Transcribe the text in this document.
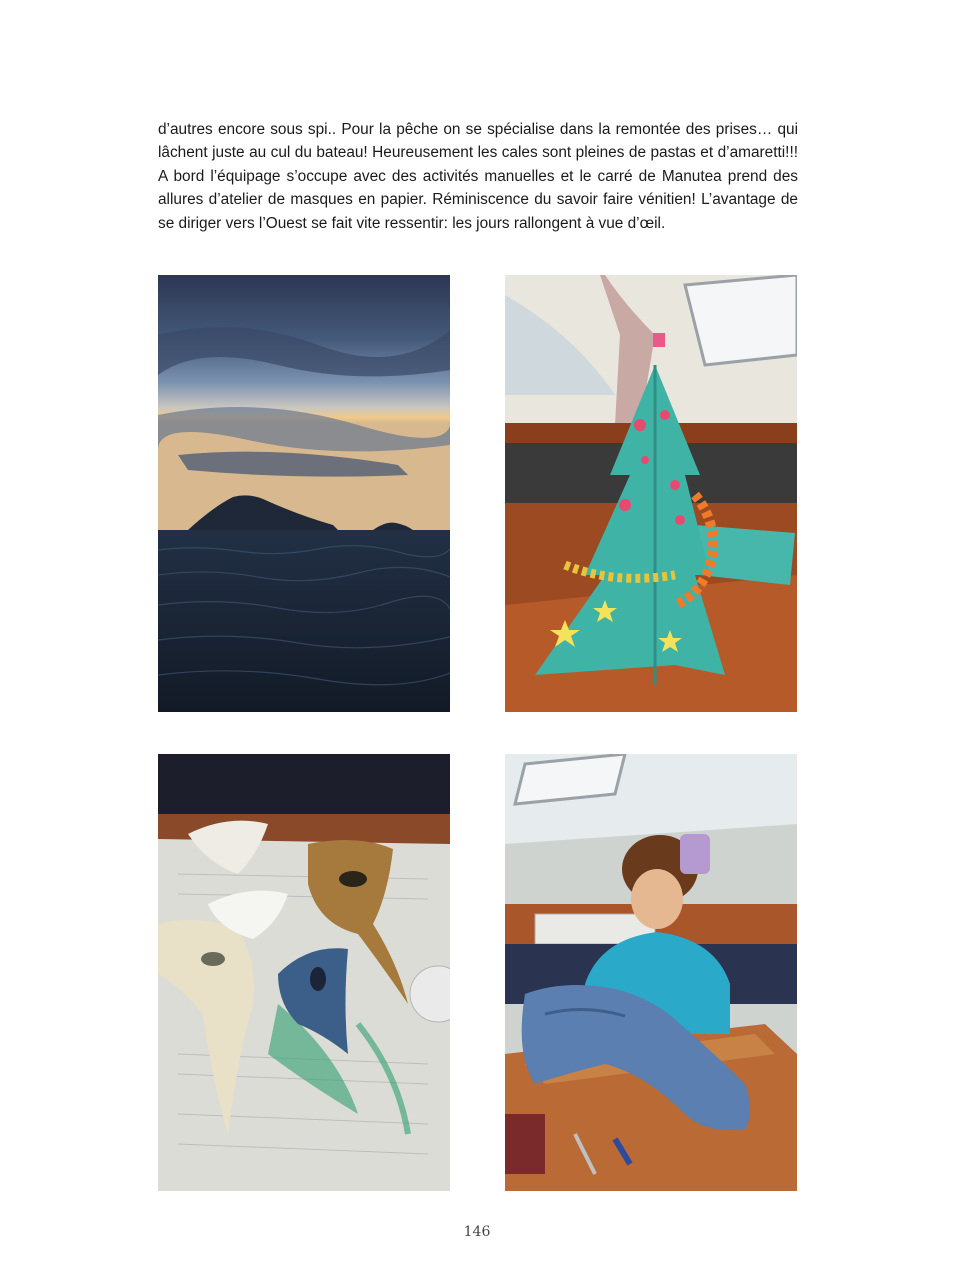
d’autres encore sous spi.. Pour la pêche on se spécialise dans la remontée des prises… qui lâchent juste au cul du bateau! Heureusement les cales sont pleines de pastas et d’amaretti!!! A bord l’équipage s’occupe avec des activités manuelles et le carré de Manutea prend des allures d’atelier de masques en papier. Réminiscence du savoir faire vénitien! L’avantage de se diriger vers l’Ouest se fait vite ressentir: les jours rallongent à vue d’œil.

146
